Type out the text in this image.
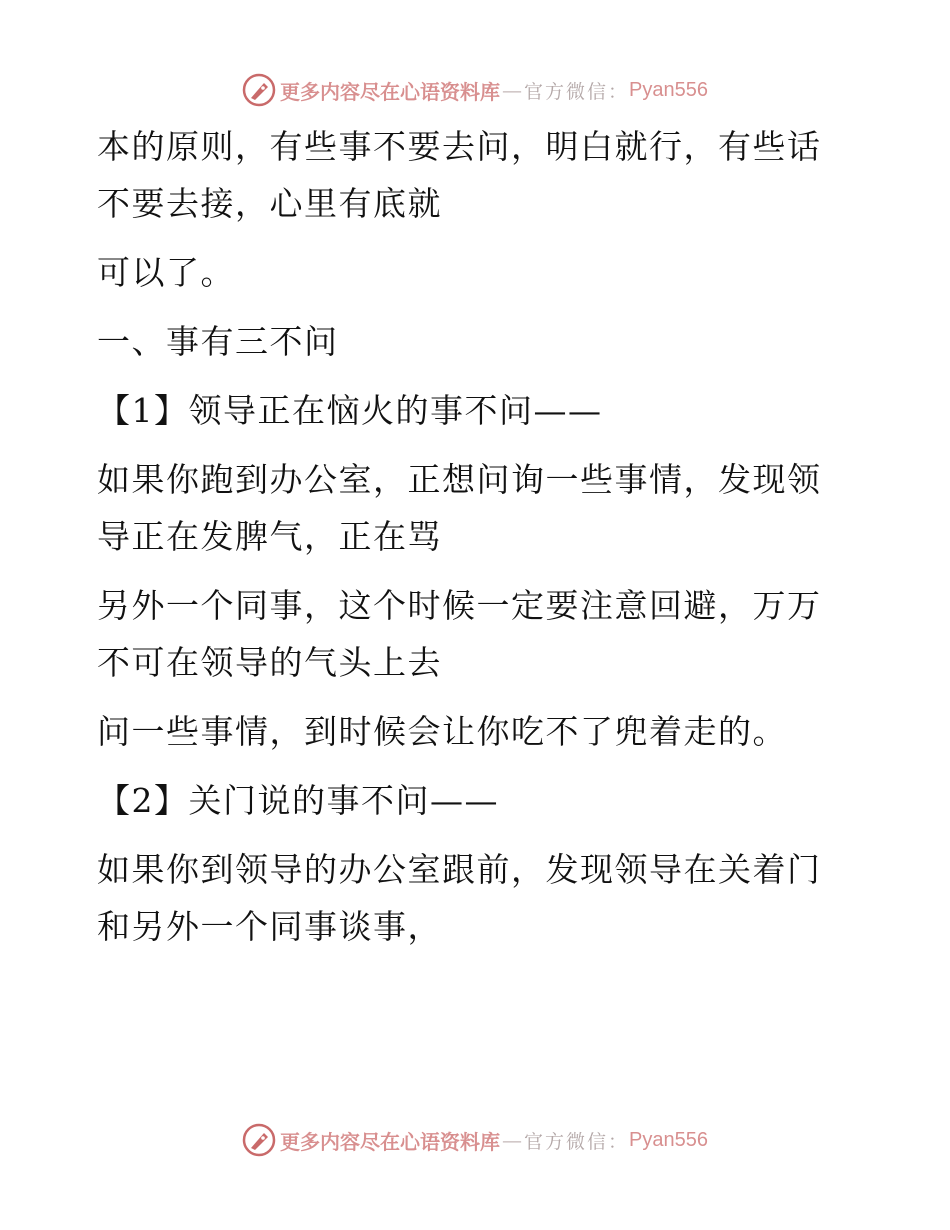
更多内容尽在心语资料库 — 官方微信： Pyan556

本的原则，有些事不要去问，明白就行，有些话不要去接，心里有底就

可以了。

一、事有三不问

【1】领导正在恼火的事不问——

如果你跑到办公室，正想问询一些事情，发现领导正在发脾气，正在骂

另外一个同事，这个时候一定要注意回避，万万不可在领导的气头上去

问一些事情，到时候会让你吃不了兜着走的。

【2】关门说的事不问——

如果你到领导的办公室跟前，发现领导在关着门和另外一个同事谈事，

更多内容尽在心语资料库 — 官方微信： Pyan556
